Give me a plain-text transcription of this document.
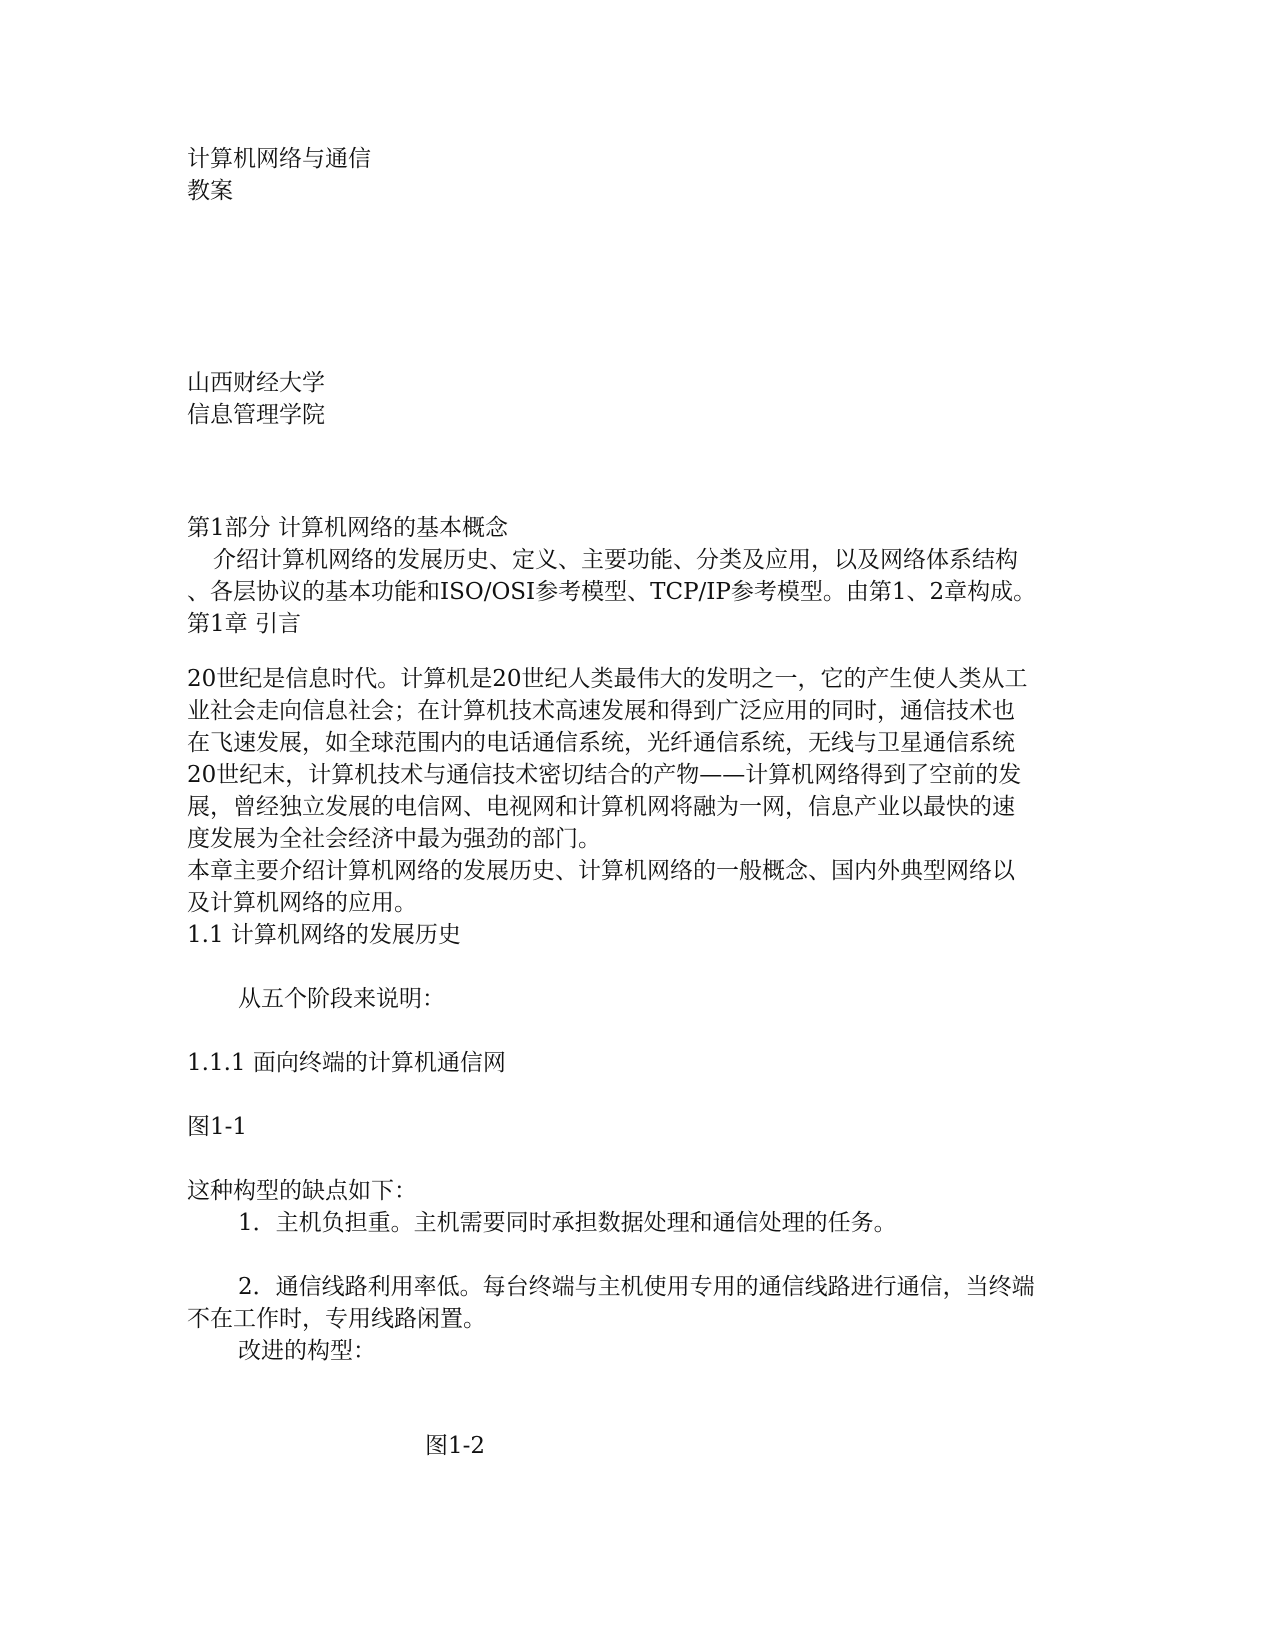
计算机网络与通信
教案
山西财经大学
信息管理学院
第1部分 计算机网络的基本概念
介绍计算机网络的发展历史、定义、主要功能、分类及应用，以及网络体系结构
、各层协议的基本功能和ISO/OSI参考模型、TCP/IP参考模型。由第1、2章构成。
第1章 引言
20世纪是信息时代。计算机是20世纪人类最伟大的发明之一，它的产生使人类从工
业社会走向信息社会；在计算机技术高速发展和得到广泛应用的同时，通信技术也
在飞速发展，如全球范围内的电话通信系统，光纤通信系统，无线与卫星通信系统
20世纪末，计算机技术与通信技术密切结合的产物——计算机网络得到了空前的发
展，曾经独立发展的电信网、电视网和计算机网将融为一网，信息产业以最快的速
度发展为全社会经济中最为强劲的部门。
本章主要介绍计算机网络的发展历史、计算机网络的一般概念、国内外典型网络以
及计算机网络的应用。
1.1 计算机网络的发展历史
从五个阶段来说明：
1.1.1 面向终端的计算机通信网
图1-1
这种构型的缺点如下：
1．主机负担重。主机需要同时承担数据处理和通信处理的任务。
2．通信线路利用率低。每台终端与主机使用专用的通信线路进行通信，当终端
不在工作时，专用线路闲置。
改进的构型：
图1-2
